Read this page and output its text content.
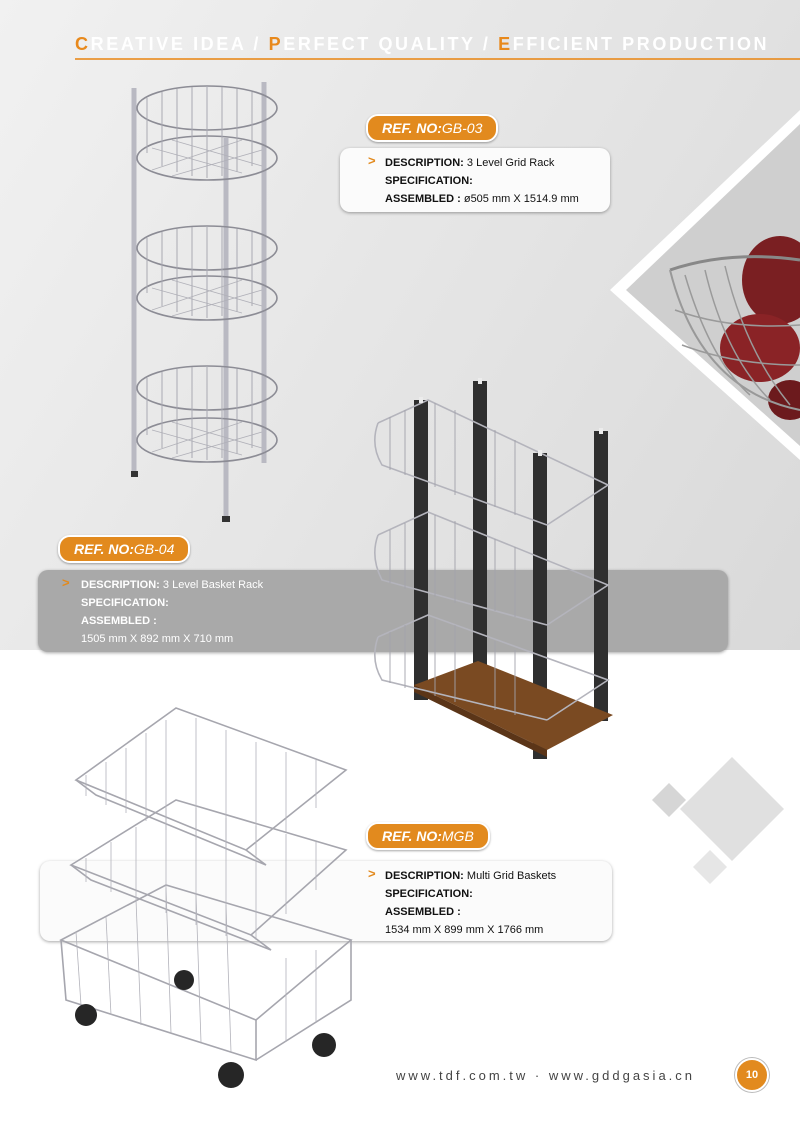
CREATIVE IDEA / PERFECT QUALITY / EFFICIENT PRODUCTION
REF. NO:GB-03
> DESCRIPTION: 3 Level Grid Rack
SPECIFICATION:
ASSEMBLED : ø505 mm X 1514.9 mm
REF. NO:GB-04
> DESCRIPTION: 3 Level Basket Rack
SPECIFICATION:
ASSEMBLED :
1505 mm X 892 mm X 710 mm
> DESCRIPTION: Multi Grid Baskets
SPECIFICATION:
ASSEMBLED :
1534 mm X 899 mm X 1766 mm
REF. NO:MGB
www.tdf.com.tw · www.gddgasia.cn	10
